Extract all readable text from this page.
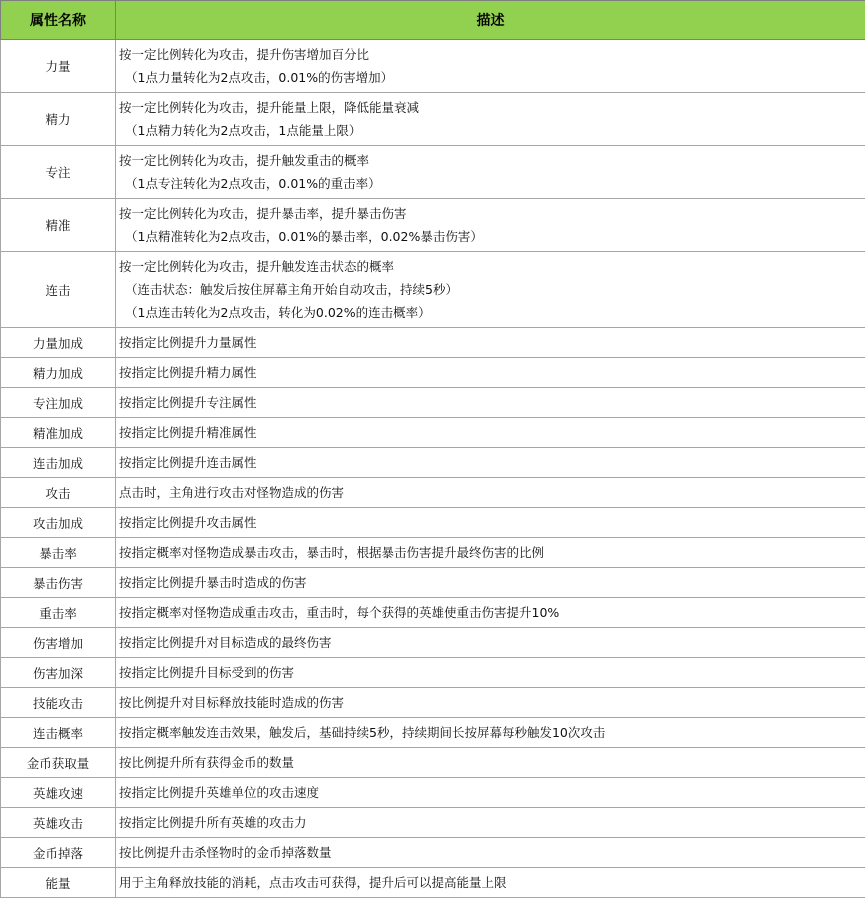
属性名称	描述
力量	按一定比例转化为攻击，提升伤害增加百分比
（1点力量转化为2点攻击，0.01%的伤害增加）

精力	按一定比例转化为攻击，提升能量上限，降低能量衰减
（1点精力转化为2点攻击，1点能量上限）

专注	按一定比例转化为攻击，提升触发重击的概率
（1点专注转化为2点攻击，0.01%的重击率）

精准	按一定比例转化为攻击，提升暴击率，提升暴击伤害
（1点精准转化为2点攻击，0.01%的暴击率，0.02%暴击伤害）

连击	按一定比例转化为攻击，提升触发连击状态的概率
（连击状态：触发后按住屏幕主角开始自动攻击，持续5秒）
（1点连击转化为2点攻击，转化为0.02%的连击概率）

力量加成	按指定比例提升力量属性

精力加成	按指定比例提升精力属性

专注加成	按指定比例提升专注属性

精准加成	按指定比例提升精准属性

连击加成	按指定比例提升连击属性

攻击	点击时，主角进行攻击对怪物造成的伤害

攻击加成	按指定比例提升攻击属性

暴击率	按指定概率对怪物造成暴击攻击，暴击时，根据暴击伤害提升最终伤害的比例

暴击伤害	按指定比例提升暴击时造成的伤害

重击率	按指定概率对怪物造成重击攻击，重击时，每个获得的英雄使重击伤害提升10%

伤害增加	按指定比例提升对目标造成的最终伤害

伤害加深	按指定比例提升目标受到的伤害

技能攻击	按比例提升对目标释放技能时造成的伤害

连击概率	按指定概率触发连击效果，触发后，基础持续5秒，持续期间长按屏幕每秒触发10次攻击

金币获取量	按比例提升所有获得金币的数量

英雄攻速	按指定比例提升英雄单位的攻击速度

英雄攻击	按指定比例提升所有英雄的攻击力

金币掉落	按比例提升击杀怪物时的金币掉落数量

能量	用于主角释放技能的消耗，点击攻击可获得，提升后可以提高能量上限
